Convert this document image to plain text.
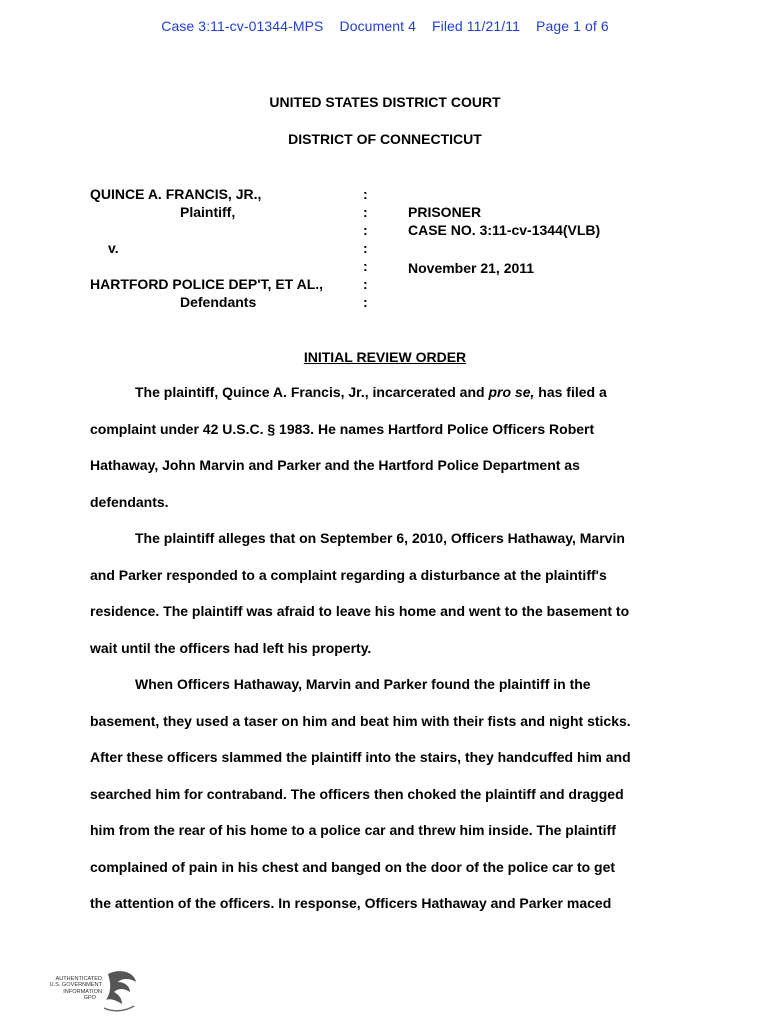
Case 3:11-cv-01344-MPS Document 4 Filed 11/21/11 Page 1 of 6
UNITED STATES DISTRICT COURT
DISTRICT OF CONNECTICUT
QUINCE A. FRANCIS, JR.,
Plaintiff,
v.
HARTFORD POLICE DEP'T, ET AL.,
Defendants
:
:
:
:
:
:
:
PRISONER
CASE NO. 3:11-cv-1344(VLB)
November 21, 2011
INITIAL REVIEW ORDER
The plaintiff, Quince A. Francis, Jr., incarcerated and pro se, has filed a
complaint under 42 U.S.C. § 1983. He names Hartford Police Officers Robert
Hathaway, John Marvin and Parker and the Hartford Police Department as
defendants.
The plaintiff alleges that on September 6, 2010, Officers Hathaway, Marvin
and Parker responded to a complaint regarding a disturbance at the plaintiff's
residence. The plaintiff was afraid to leave his home and went to the basement to
wait until the officers had left his property.
When Officers Hathaway, Marvin and Parker found the plaintiff in the
basement, they used a taser on him and beat him with their fists and night sticks.
After these officers slammed the plaintiff into the stairs, they handcuffed him and
searched him for contraband. The officers then choked the plaintiff and dragged
him from the rear of his home to a police car and threw him inside. The plaintiff
complained of pain in his chest and banged on the door of the police car to get
the attention of the officers. In response, Officers Hathaway and Parker maced
AUTHENTICATED
U.S. GOVERNMENT
INFORMATION
GPO
